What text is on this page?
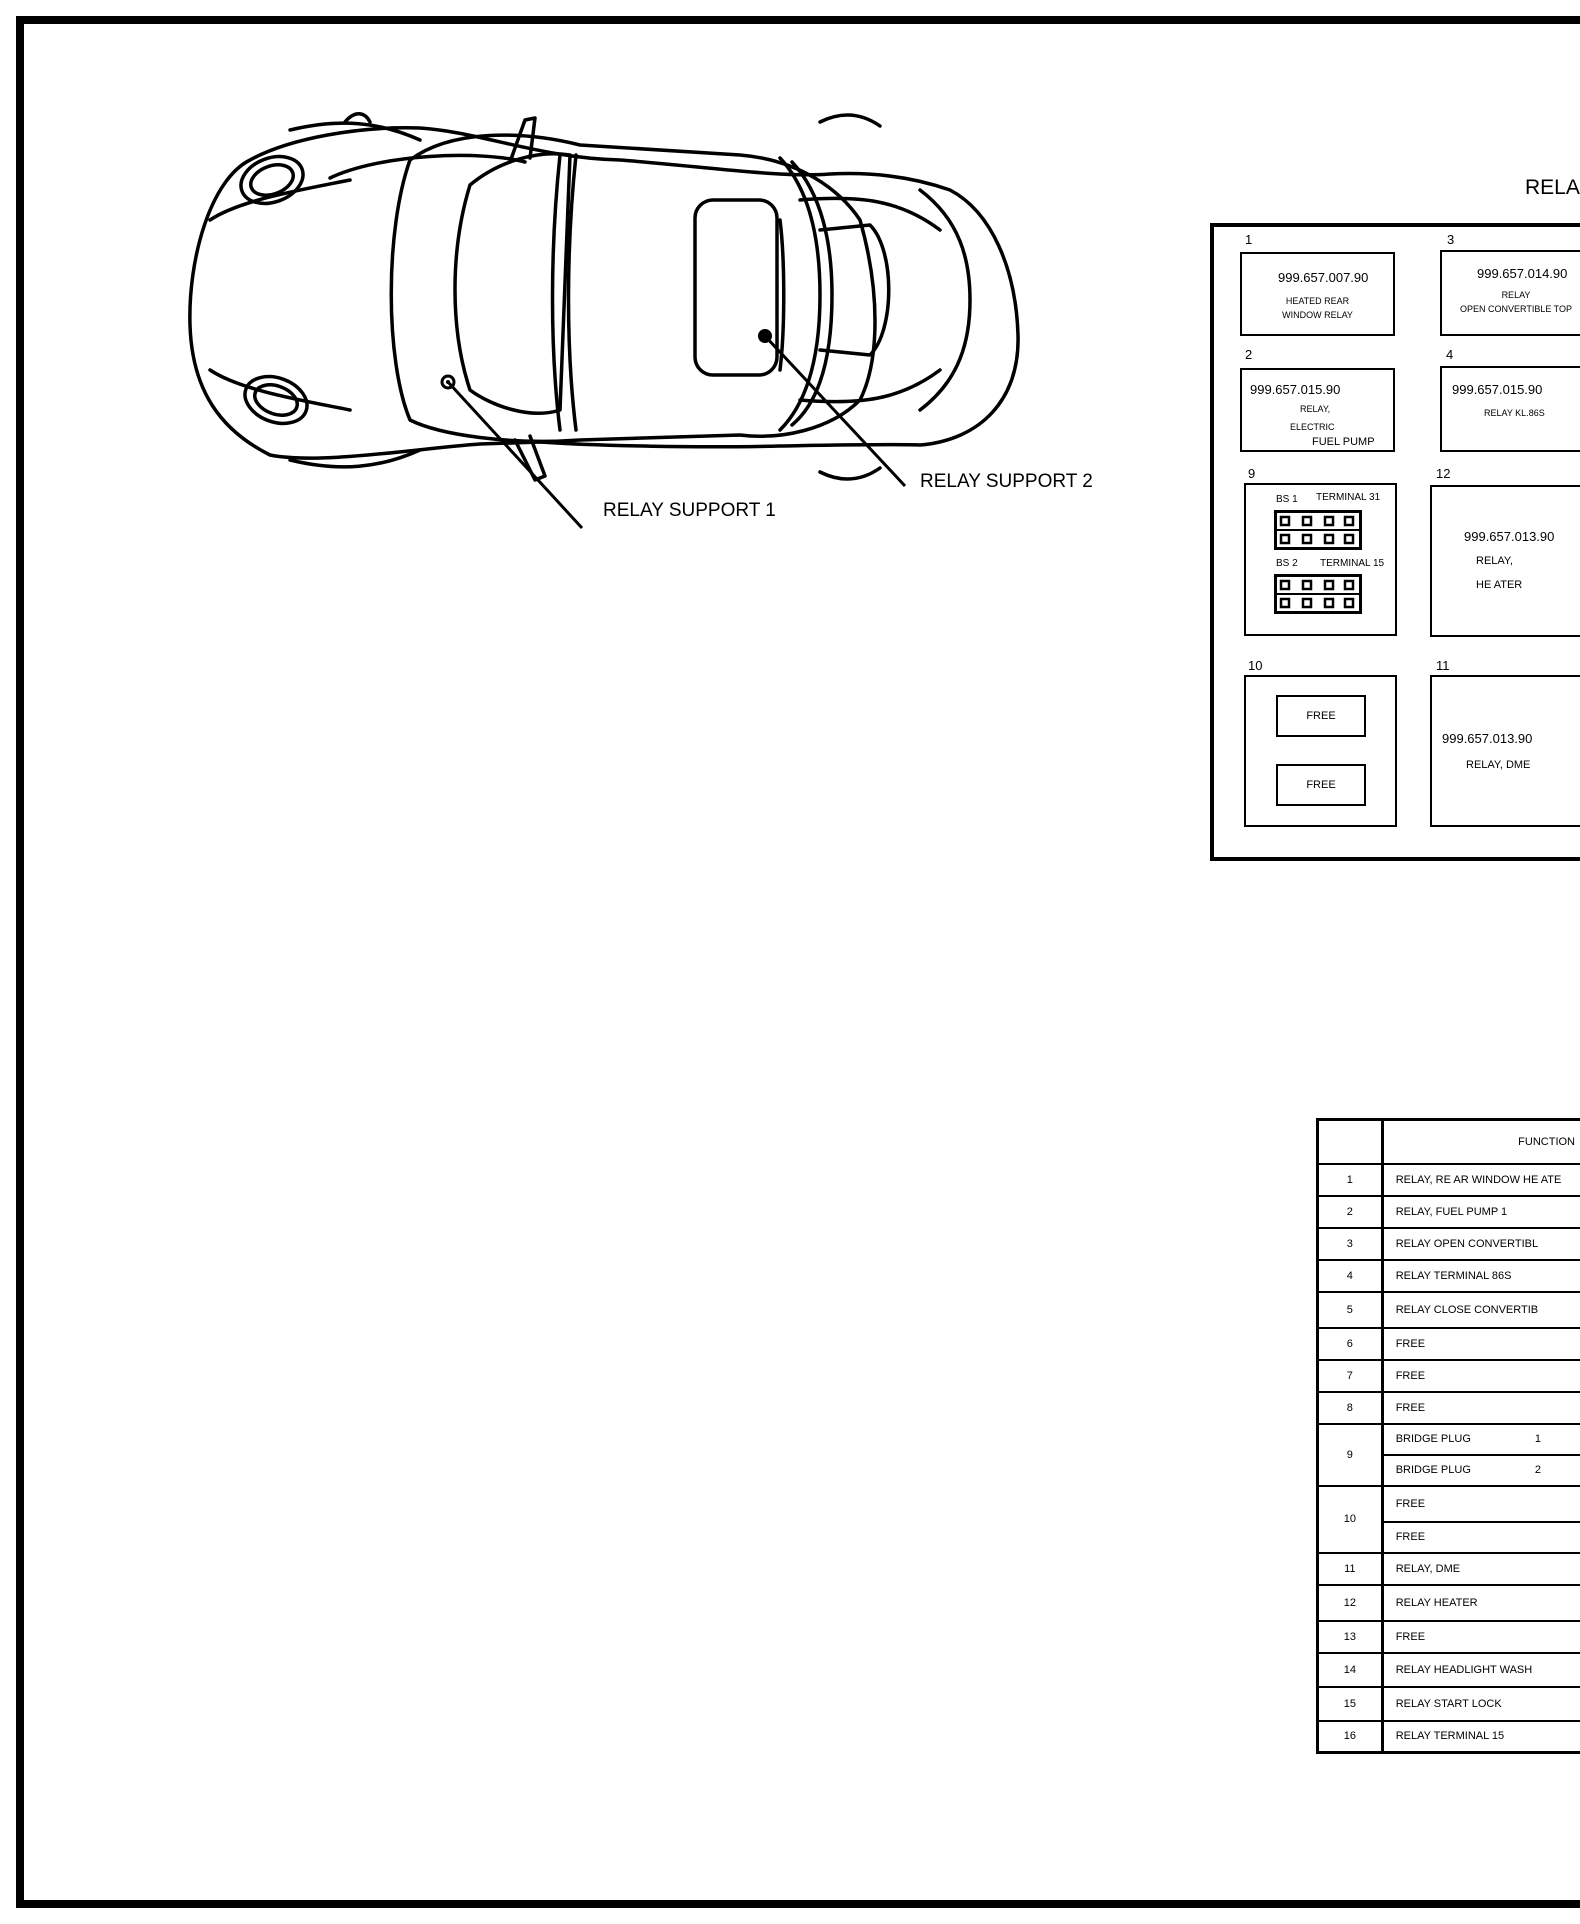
RELAY SUPPORT 1
RELAY SUPPORT 2
RELA
1
999.657.007.90
HEATED REAR
WINDOW RELAY
3
999.657.014.90
RELAY
OPEN CONVERTIBLE TOP
2
999.657.015.90
RELAY,
ELECTRIC
FUEL PUMP
4
999.657.015.90
RELAY KL.86S
9
BS 1 TERMINAL 31
BS 2 TERMINAL 15
12
999.657.013.90
RELAY,
HE ATER
10
FREE
FREE
11
999.657.013.90
RELAY, DME
	FUNCTION
1	RELAY, RE AR WINDOW HE ATE
2	RELAY, FUEL PUMP 1
3	RELAY OPEN CONVERTIBL
4	RELAY TERMINAL 86S
5	RELAY CLOSE CONVERTIB
6	FREE
7	FREE
8	FREE
9	BRIDGE PLUG 1
	BRIDGE PLUG 2
10	FREE
	FREE
11	RELAY, DME
12	RELAY HEATER
13	FREE
14	RELAY HEADLIGHT WASH
15	RELAY START LOCK
16	RELAY TERMINAL 15
